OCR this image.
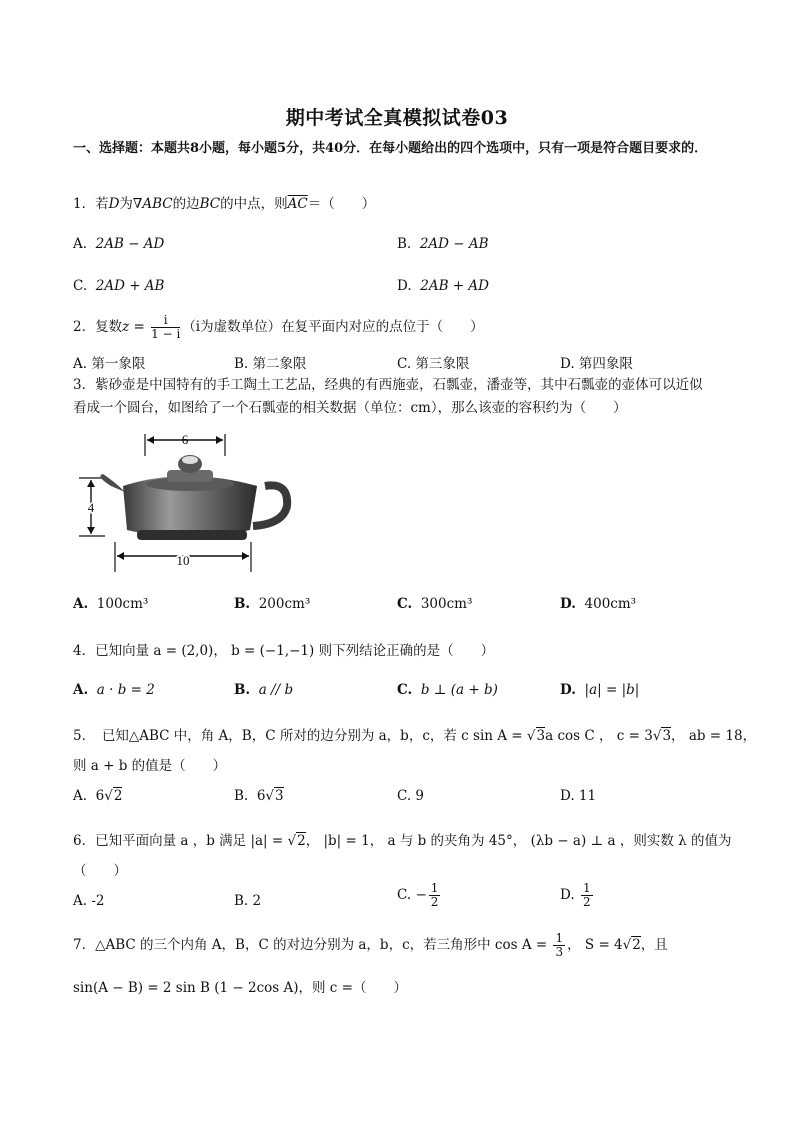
期中考试全真模拟试卷03
一、选择题：本题共8小题，每小题5分，共40分．在每小题给出的四个选项中，只有一项是符合题目要求的．
1．若D为∇ABC的边BC的中点，则$\overline{AC}=$（　　）
A. 2AB − AD	B. 2AD − AB
C. 2AD + AB	D. 2AB + AD
2．复数$z = \frac{i}{1 - i} (i$为虚数单位）在复平面内对应的点位于（　　）
A. 第一象限	B. 第二象限	C. 第三象限	D. 第四象限
3．紫砂壶是中国特有的手工陶土工艺品，经典的有西施壶，石瓢壶，潘壶等，其中石瓢壶的壶体可以近似
看成一个圆台，如图给了一个石瓢壶的相关数据（单位：cm），那么该壶的容积约为（　　）
6
4
10
A. 100cm³	B. 200cm³	C. 300cm³	D. 400cm³
4．已知向量 a = (2,0)， b = (−1,−1) 则下列结论正确的是（　　）
A. a · b = 2	B. a // b	C. b ⊥ (a + b)	D. |a| = |b|
5．　已知△ABC 中，角 A，B，C 所对的边分别为 a，b，c，若 c sin A = √3a cos C ， c = 3√3， ab = 18，
则 a + b 的值是（　　）
A. 6√2	B. 6√3	C. 9	D. 11
6．已知平面向量 a ，b 满足 |a| = √2， |b| = 1， a 与 b 的夹角为 45°， (λb − a) ⊥ a ，则实数 λ 的值为
（　　）
A. -2	B. 2	C. − $\frac{1}{2}$	D. $\frac{1}{2}$
7．△ABC 的三个内角 A，B，C 的对边分别为 a，b，c，若三角形中 $\cos A = \frac{1}{3}$ ， S = 4√2，且
sin(A − B) = 2 sin B (1 − 2cos A)，则 c =（　　）
